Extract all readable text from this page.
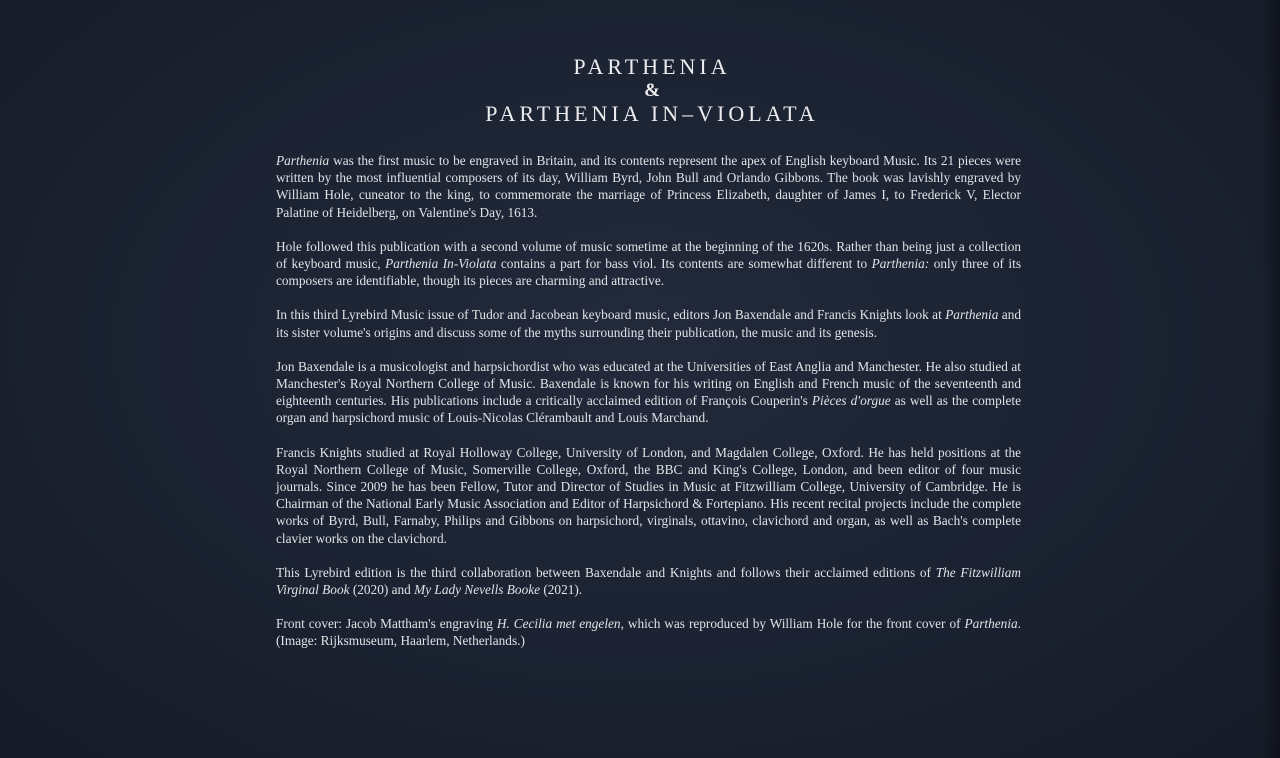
PARTHENIA
&
PARTHENIA IN–VIOLATA

Parthenia was the first music to be engraved in Britain, and its contents represent the apex of English keyboard Music. Its 21 pieces were written by the most influential composers of its day, William Byrd, John Bull and Orlando Gibbons. The book was lavishly engraved by William Hole, cuneator to the king, to commemorate the marriage of Princess Elizabeth, daughter of James I, to Frederick V, Elector Palatine of Heidelberg, on Valentine's Day, 1613.

Hole followed this publication with a second volume of music sometime at the beginning of the 1620s. Rather than being just a collection of keyboard music, Parthenia In-Violata contains a part for bass viol. Its contents are somewhat different to Parthenia: only three of its composers are identifiable, though its pieces are charming and attractive.

In this third Lyrebird Music issue of Tudor and Jacobean keyboard music, editors Jon Baxendale and Francis Knights look at Parthenia and its sister volume's origins and discuss some of the myths surrounding their publication, the music and its genesis.

Jon Baxendale is a musicologist and harpsichordist who was educated at the Universities of East Anglia and Manchester. He also studied at Manchester's Royal Northern College of Music. Baxendale is known for his writing on English and French music of the seventeenth and eighteenth centuries. His publications include a critically acclaimed edition of François Couperin's Pièces d'orgue as well as the complete organ and harpsichord music of Louis-Nicolas Clérambault and Louis Marchand.

Francis Knights studied at Royal Holloway College, University of London, and Magdalen College, Oxford. He has held positions at the Royal Northern College of Music, Somerville College, Oxford, the BBC and King's College, London, and been editor of four music journals. Since 2009 he has been Fellow, Tutor and Director of Studies in Music at Fitzwilliam College, University of Cambridge. He is Chairman of the National Early Music Association and Editor of Harpsichord & Fortepiano. His recent recital projects include the complete works of Byrd, Bull, Farnaby, Philips and Gibbons on harpsichord, virginals, ottavino, clavichord and organ, as well as Bach's complete clavier works on the clavichord.

This Lyrebird edition is the third collaboration between Baxendale and Knights and follows their acclaimed editions of The Fitzwilliam Virginal Book (2020) and My Lady Nevells Booke (2021).

Front cover: Jacob Mattham's engraving H. Cecilia met engelen, which was reproduced by William Hole for the front cover of Parthenia. (Image: Rijksmuseum, Haarlem, Netherlands.)
